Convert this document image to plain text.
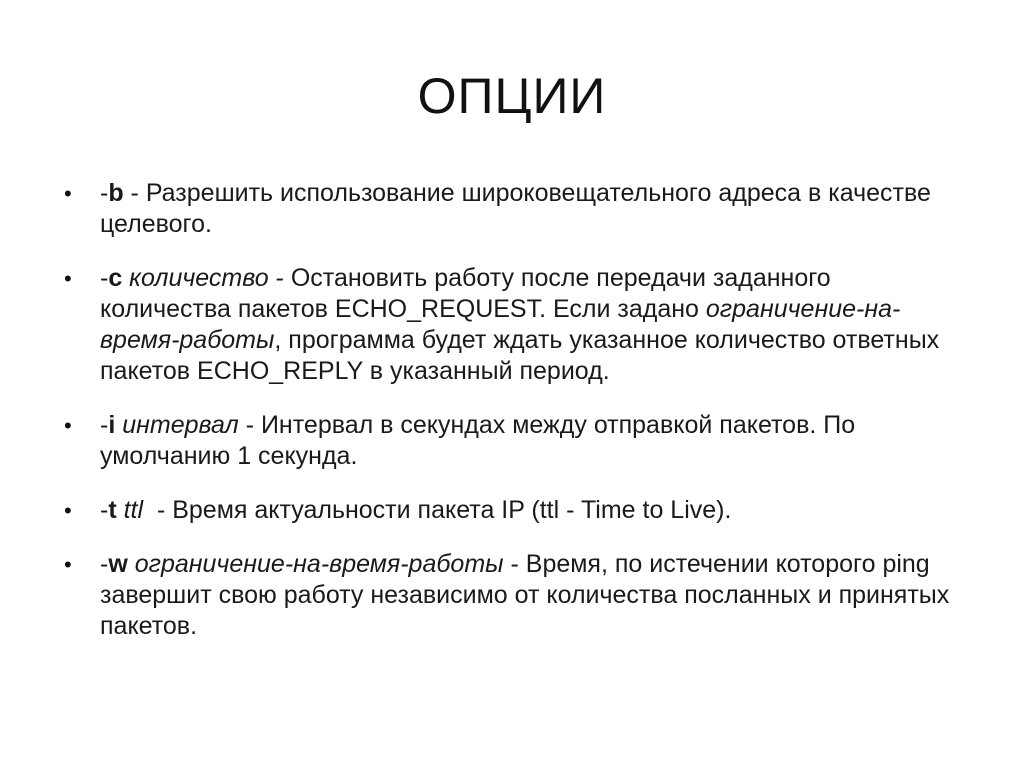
ОПЦИИ
• -b - Разрешить использование широковещательного адреса в качестве целевого.
• -c количество - Остановить работу после передачи заданного количества пакетов ECHO_REQUEST. Если задано ограничение-на-время-работы, программа будет ждать указанное количество ответных пакетов ECHO_REPLY в указанный период.
• -i интервал - Интервал в секундах между отправкой пакетов. По умолчанию 1 секунда.
• -t ttl  - Время актуальности пакета IP (ttl - Time to Live).
• -w ограничение-на-время-работы - Время, по истечении которого ping завершит свою работу независимо от количества посланных и принятых пакетов.
